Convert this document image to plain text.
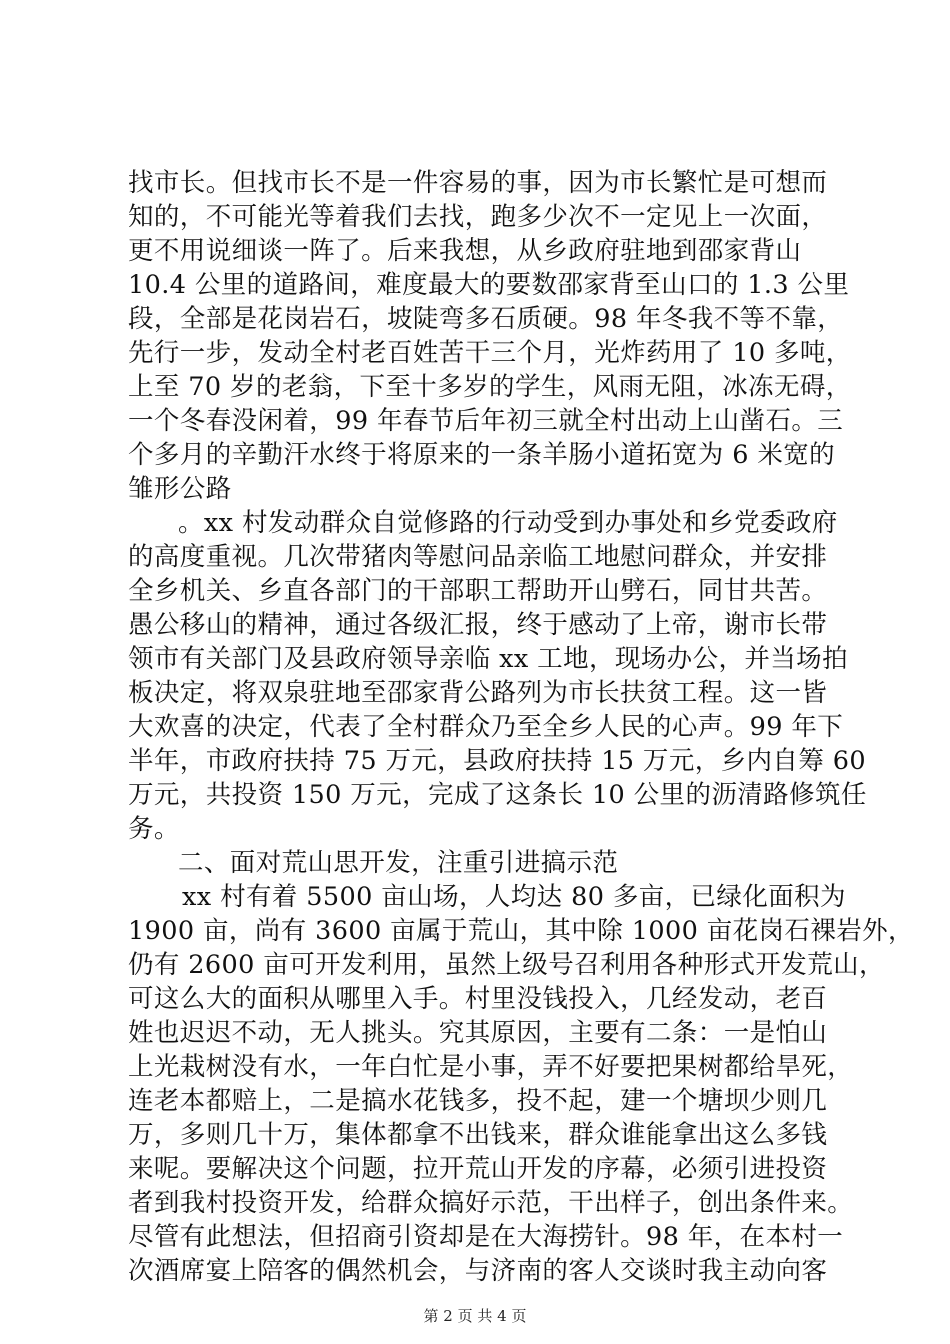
找市长。但找市长不是一件容易的事，因为市长繁忙是可想而
知的，不可能光等着我们去找，跑多少次不一定见上一次面，
更不用说细谈一阵了。后来我想，从乡政府驻地到邵家背山
10.4 公里的道路间，难度最大的要数邵家背至山口的 1.3 公里
段，全部是花岗岩石，坡陡弯多石质硬。98 年冬我不等不靠，
先行一步，发动全村老百姓苦干三个月，光炸药用了 10 多吨，
上至 70 岁的老翁，下至十多岁的学生，风雨无阻，冰冻无碍，
一个冬春没闲着，99 年春节后年初三就全村出动上山凿石。三
个多月的辛勤汗水终于将原来的一条羊肠小道拓宽为 6 米宽的
雏形公路
。xx 村发动群众自觉修路的行动受到办事处和乡党委政府
的高度重视。几次带猪肉等慰问品亲临工地慰问群众，并安排
全乡机关、乡直各部门的干部职工帮助开山劈石，同甘共苦。
愚公移山的精神，通过各级汇报，终于感动了上帝，谢市长带
领市有关部门及县政府领导亲临 xx 工地，现场办公，并当场拍
板决定，将双泉驻地至邵家背公路列为市长扶贫工程。这一皆
大欢喜的决定，代表了全村群众乃至全乡人民的心声。99 年下
半年，市政府扶持 75 万元，县政府扶持 15 万元，乡内自筹 60
万元，共投资 150 万元，完成了这条长 10 公里的沥清路修筑任
务。
二、面对荒山思开发，注重引进搞示范
xx 村有着 5500 亩山场，人均达 80 多亩，已绿化面积为
1900 亩，尚有 3600 亩属于荒山，其中除 1000 亩花岗石裸岩外，
仍有 2600 亩可开发利用，虽然上级号召利用各种形式开发荒山，
可这么大的面积从哪里入手。村里没钱投入，几经发动，老百
姓也迟迟不动，无人挑头。究其原因，主要有二条：一是怕山
上光栽树没有水，一年白忙是小事，弄不好要把果树都给旱死，
连老本都赔上，二是搞水花钱多，投不起，建一个塘坝少则几
万，多则几十万，集体都拿不出钱来，群众谁能拿出这么多钱
来呢。要解决这个问题，拉开荒山开发的序幕，必须引进投资
者到我村投资开发，给群众搞好示范，干出样子，创出条件来。
尽管有此想法，但招商引资却是在大海捞针。98 年，在本村一
次酒席宴上陪客的偶然机会，与济南的客人交谈时我主动向客
第 2 页 共 4 页
